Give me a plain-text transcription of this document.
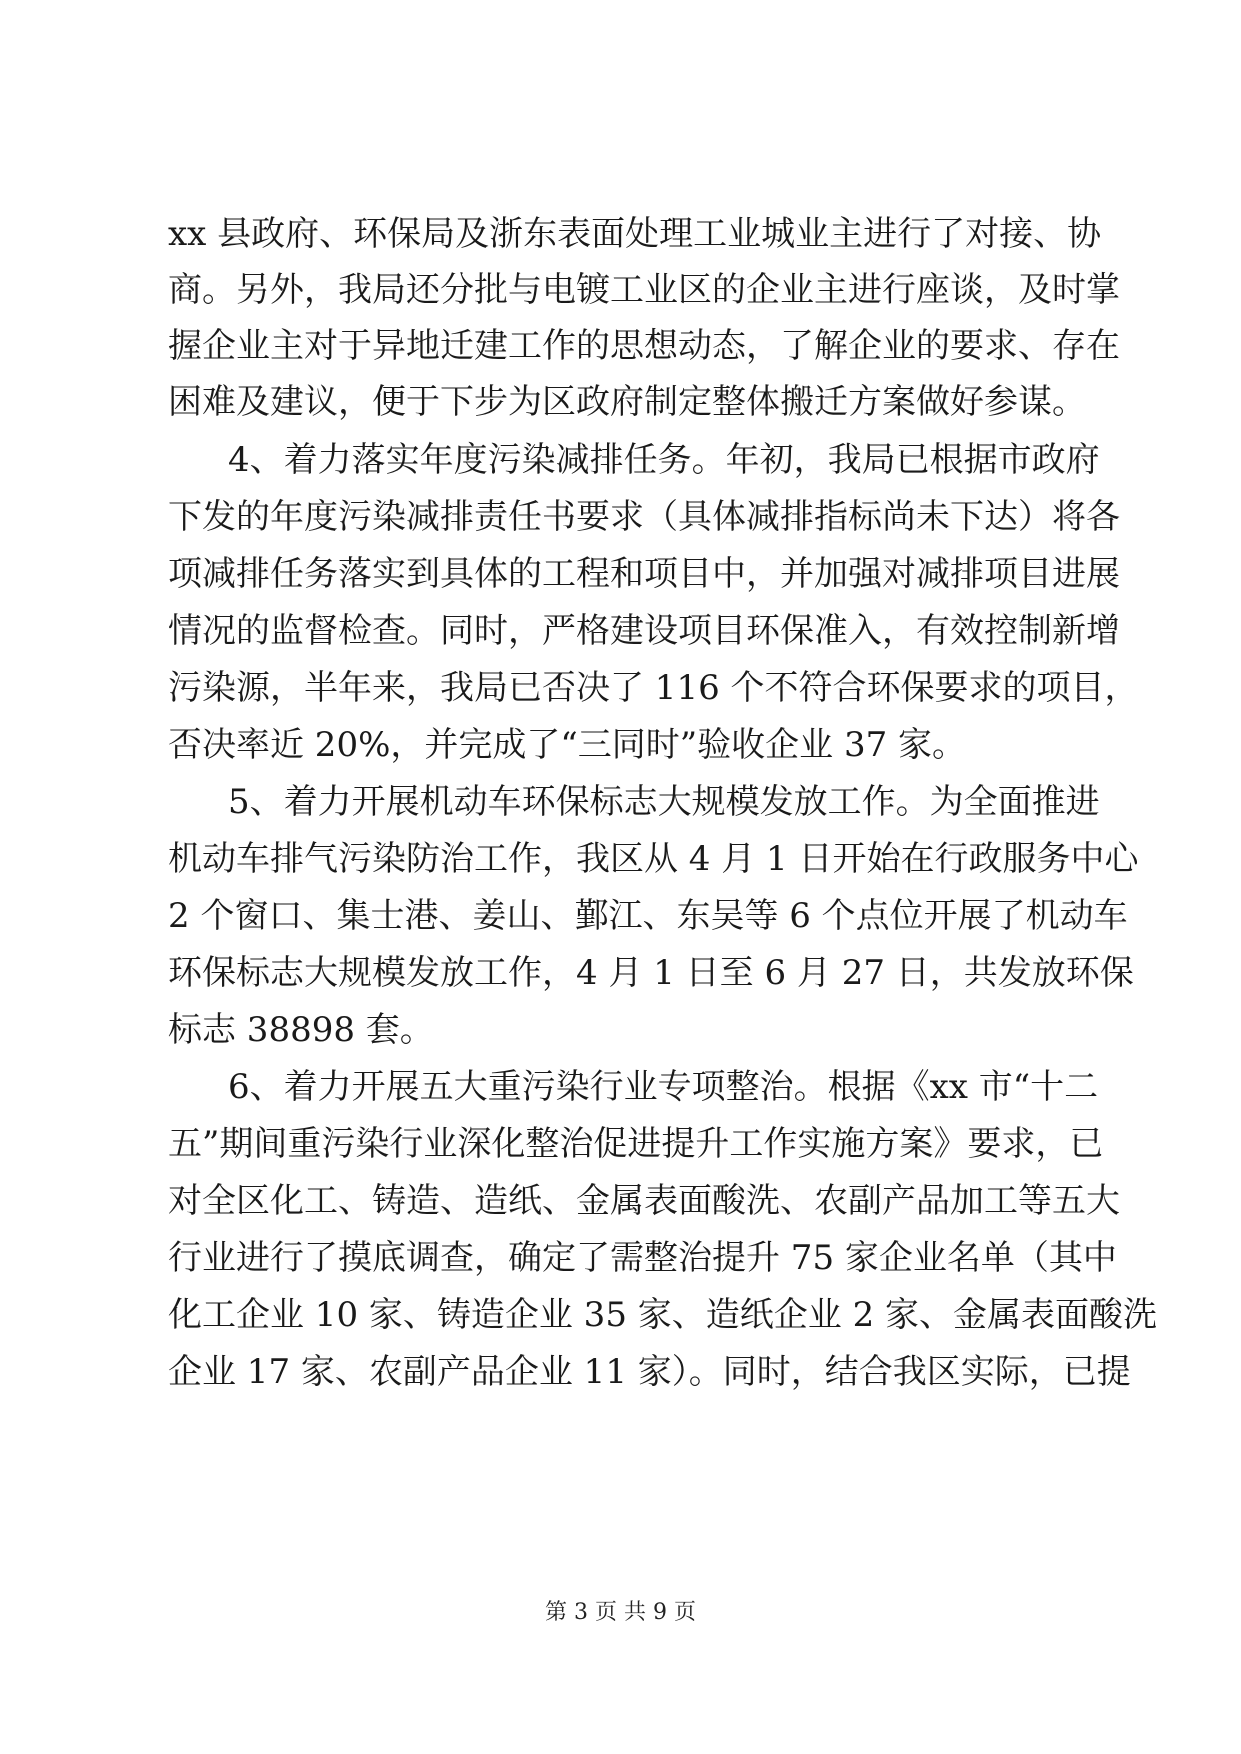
xx 县政府、环保局及浙东表面处理工业城业主进行了对接、协
商。另外，我局还分批与电镀工业区的企业主进行座谈，及时掌
握企业主对于异地迁建工作的思想动态，了解企业的要求、存在
困难及建议，便于下步为区政府制定整体搬迁方案做好参谋。
4、着力落实年度污染减排任务。年初，我局已根据市政府
下发的年度污染减排责任书要求（具体减排指标尚未下达）将各
项减排任务落实到具体的工程和项目中，并加强对减排项目进展
情况的监督检查。同时，严格建设项目环保准入，有效控制新增
污染源，半年来，我局已否决了 116 个不符合环保要求的项目，
否决率近 20%，并完成了“三同时”验收企业 37 家。
5、着力开展机动车环保标志大规模发放工作。为全面推进
机动车排气污染防治工作，我区从 4 月 1 日开始在行政服务中心
2 个窗口、集士港、姜山、鄞江、东吴等 6 个点位开展了机动车
环保标志大规模发放工作，4 月 1 日至 6 月 27 日，共发放环保
标志 38898 套。
6、着力开展五大重污染行业专项整治。根据《xx 市“十二
五”期间重污染行业深化整治促进提升工作实施方案》要求，已
对全区化工、铸造、造纸、金属表面酸洗、农副产品加工等五大
行业进行了摸底调查，确定了需整治提升 75 家企业名单（其中
化工企业 10 家、铸造企业 35 家、造纸企业 2 家、金属表面酸洗
企业 17 家、农副产品企业 11 家）。同时，结合我区实际，已提
第 3 页 共 9 页
